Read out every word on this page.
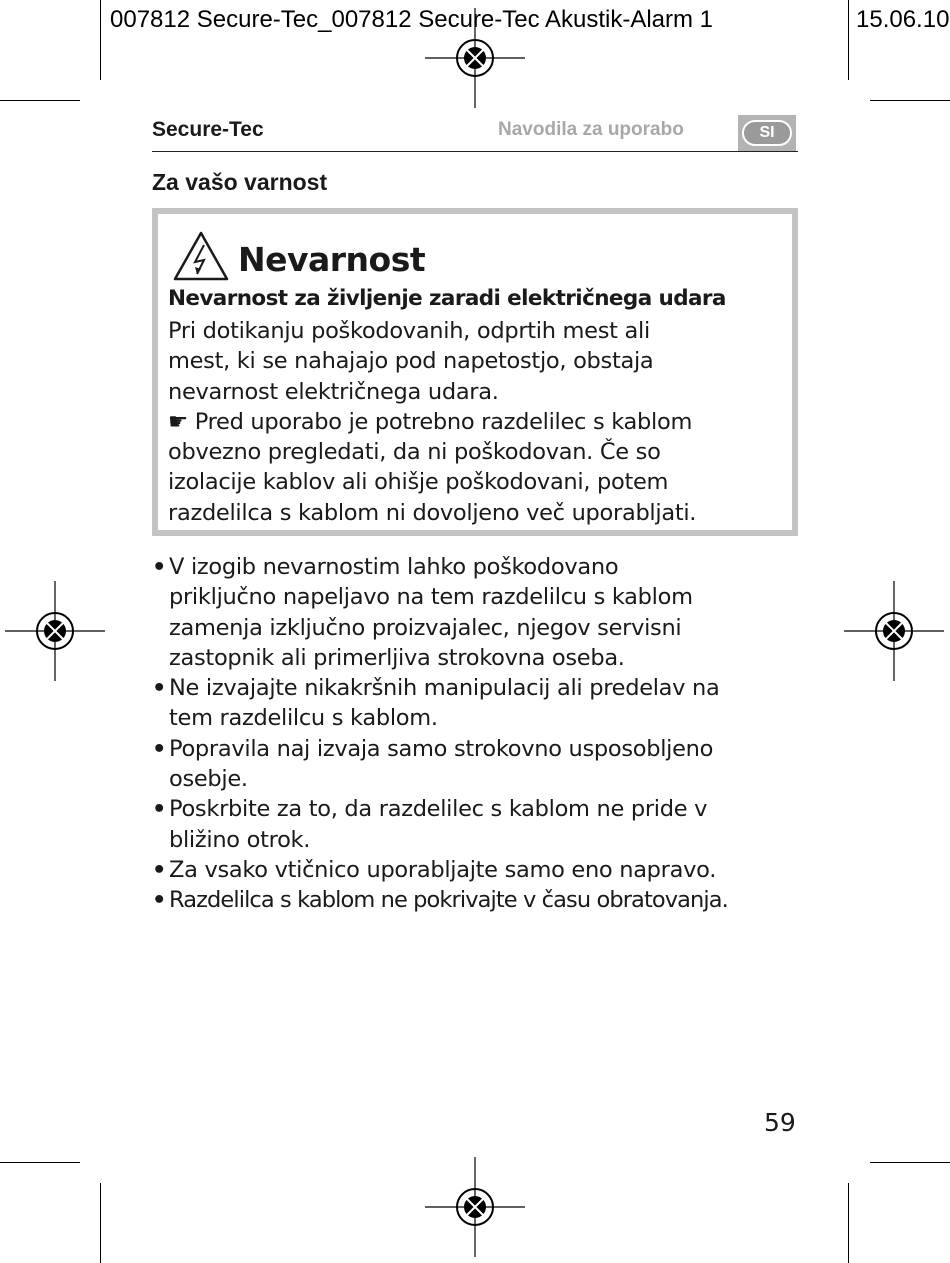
007812 Secure-Tec_007812 Secure-Tec Akustik-Alarm 1	15.06.10
Secure-Tec	Navodila za uporabo	SI
Za vašo varnost
Nevarnost
Nevarnost za življenje zaradi električnega udara

Pri dotikanju poškodovanih, odprtih mest ali

mest, ki se nahajajo pod napetostjo, obstaja

nevarnost električnega udara.

☛ Pred uporabo je potrebno razdelilec s kablom

obvezno pregledati, da ni poškodovan. Če so

izolacije kablov ali ohišje poškodovani, potem

razdelilca s kablom ni dovoljeno več uporabljati.

• V izogib nevarnostim lahko poškodovano
priključno napeljavo na tem razdelilcu s kablom
zamenja izključno proizvajalec, njegov servisni
zastopnik ali primerljiva strokovna oseba.
• Ne izvajajte nikakršnih manipulacij ali predelav na
tem razdelilcu s kablom.
• Popravila naj izvaja samo strokovno usposobljeno
osebje.
• Poskrbite za to, da razdelilec s kablom ne pride v
bližino otrok.
• Za vsako vtičnico uporabljajte samo eno napravo.
• Razdelilca s kablom ne pokrivajte v času obratovanja.
59
